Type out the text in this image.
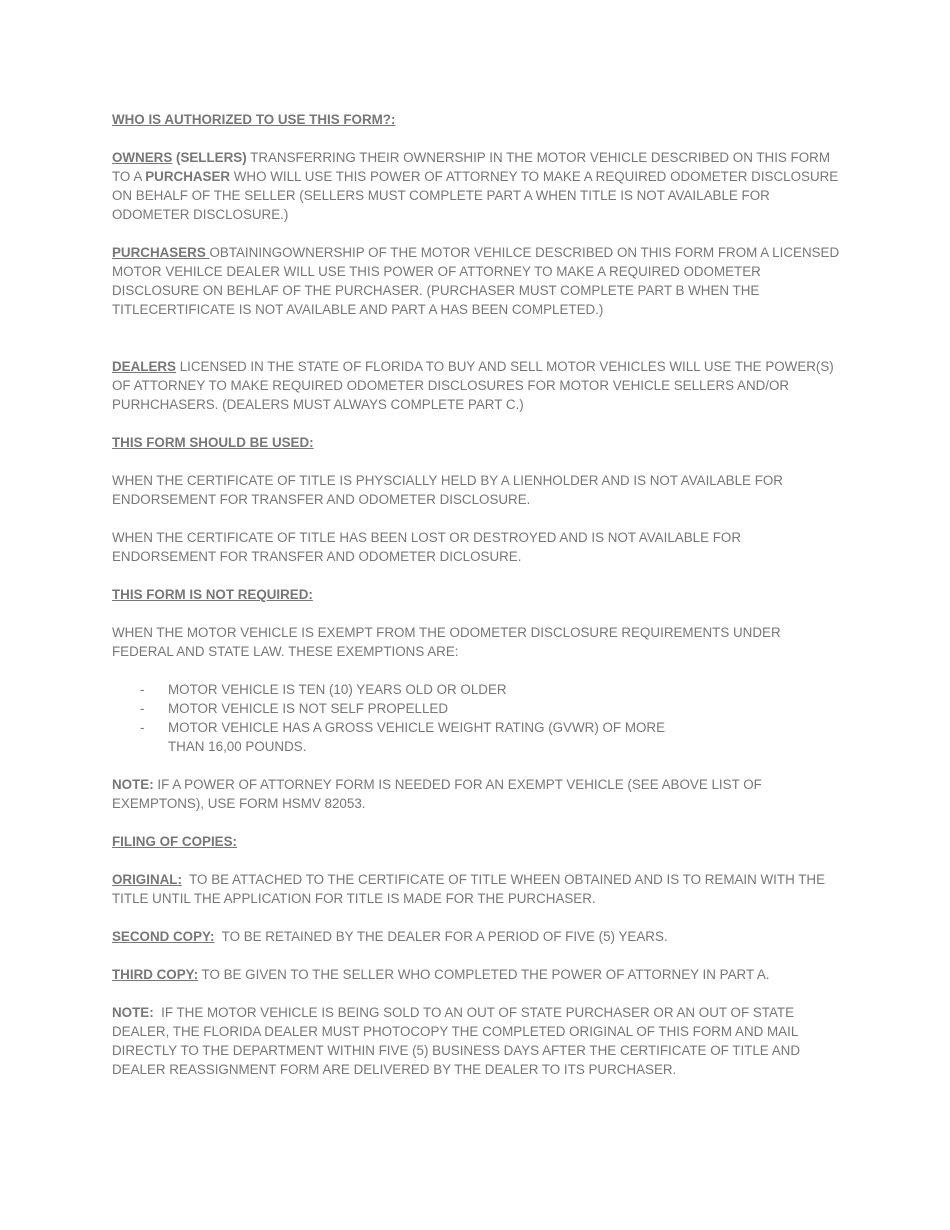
WHO IS AUTHORIZED TO USE THIS FORM?:

OWNERS (SELLERS) TRANSFERRING THEIR OWNERSHIP IN THE MOTOR VEHICLE DESCRIBED ON THIS FORM TO A PURCHASER WHO WILL USE THIS POWER OF ATTORNEY TO MAKE A REQUIRED ODOMETER DISCLOSURE ON BEHALF OF THE SELLER (SELLERS MUST COMPLETE PART A WHEN TITLE IS NOT AVAILABLE FOR ODOMETER DISCLOSURE.)

PURCHASERS OBTAININGOWNERSHIP OF THE MOTOR VEHILCE DESCRIBED ON THIS FORM FROM A LICENSED MOTOR VEHILCE DEALER WILL USE THIS POWER OF ATTORNEY TO MAKE A REQUIRED ODOMETER DISCLOSURE ON BEHLAF OF THE PURCHASER. (PURCHASER MUST COMPLETE PART B WHEN THE TITLECERTIFICATE IS NOT AVAILABLE AND PART A HAS BEEN COMPLETED.)

DEALERS LICENSED IN THE STATE OF FLORIDA TO BUY AND SELL MOTOR VEHICLES WILL USE THE POWER(S) OF ATTORNEY TO MAKE REQUIRED ODOMETER DISCLOSURES FOR MOTOR VEHICLE SELLERS AND/OR PURHCHASERS. (DEALERS MUST ALWAYS COMPLETE PART C.)

THIS FORM SHOULD BE USED:

WHEN THE CERTIFICATE OF TITLE IS PHYSCIALLY HELD BY A LIENHOLDER AND IS NOT AVAILABLE FOR ENDORSEMENT FOR TRANSFER AND ODOMETER DISCLOSURE.

WHEN THE CERTIFICATE OF TITLE HAS BEEN LOST OR DESTROYED AND IS NOT AVAILABLE FOR ENDORSEMENT FOR TRANSFER AND ODOMETER DICLOSURE.

THIS FORM IS NOT REQUIRED:

WHEN THE MOTOR VEHICLE IS EXEMPT FROM THE ODOMETER DISCLOSURE REQUIREMENTS UNDER FEDERAL AND STATE LAW. THESE EXEMPTIONS ARE:

- MOTOR VEHICLE IS TEN (10) YEARS OLD OR OLDER
- MOTOR VEHICLE IS NOT SELF PROPELLED
- MOTOR VEHICLE HAS A GROSS VEHICLE WEIGHT RATING (GVWR) OF MORE THAN 16,00 POUNDS.

NOTE: IF A POWER OF ATTORNEY FORM IS NEEDED FOR AN EXEMPT VEHICLE (SEE ABOVE LIST OF EXEMPTONS), USE FORM HSMV 82053.

FILING OF COPIES:

ORIGINAL:  TO BE ATTACHED TO THE CERTIFICATE OF TITLE WHEEN OBTAINED AND IS TO REMAIN WITH THE TITLE UNTIL THE APPLICATION FOR TITLE IS MADE FOR THE PURCHASER.

SECOND COPY:  TO BE RETAINED BY THE DEALER FOR A PERIOD OF FIVE (5) YEARS.

THIRD COPY: TO BE GIVEN TO THE SELLER WHO COMPLETED THE POWER OF ATTORNEY IN PART A.

NOTE:  IF THE MOTOR VEHICLE IS BEING SOLD TO AN OUT OF STATE PURCHASER OR AN OUT OF STATE DEALER, THE FLORIDA DEALER MUST PHOTOCOPY THE COMPLETED ORIGINAL OF THIS FORM AND MAIL DIRECTLY TO THE DEPARTMENT WITHIN FIVE (5) BUSINESS DAYS AFTER THE CERTIFICATE OF TITLE AND DEALER REASSIGNMENT FORM ARE DELIVERED BY THE DEALER TO ITS PURCHASER.
